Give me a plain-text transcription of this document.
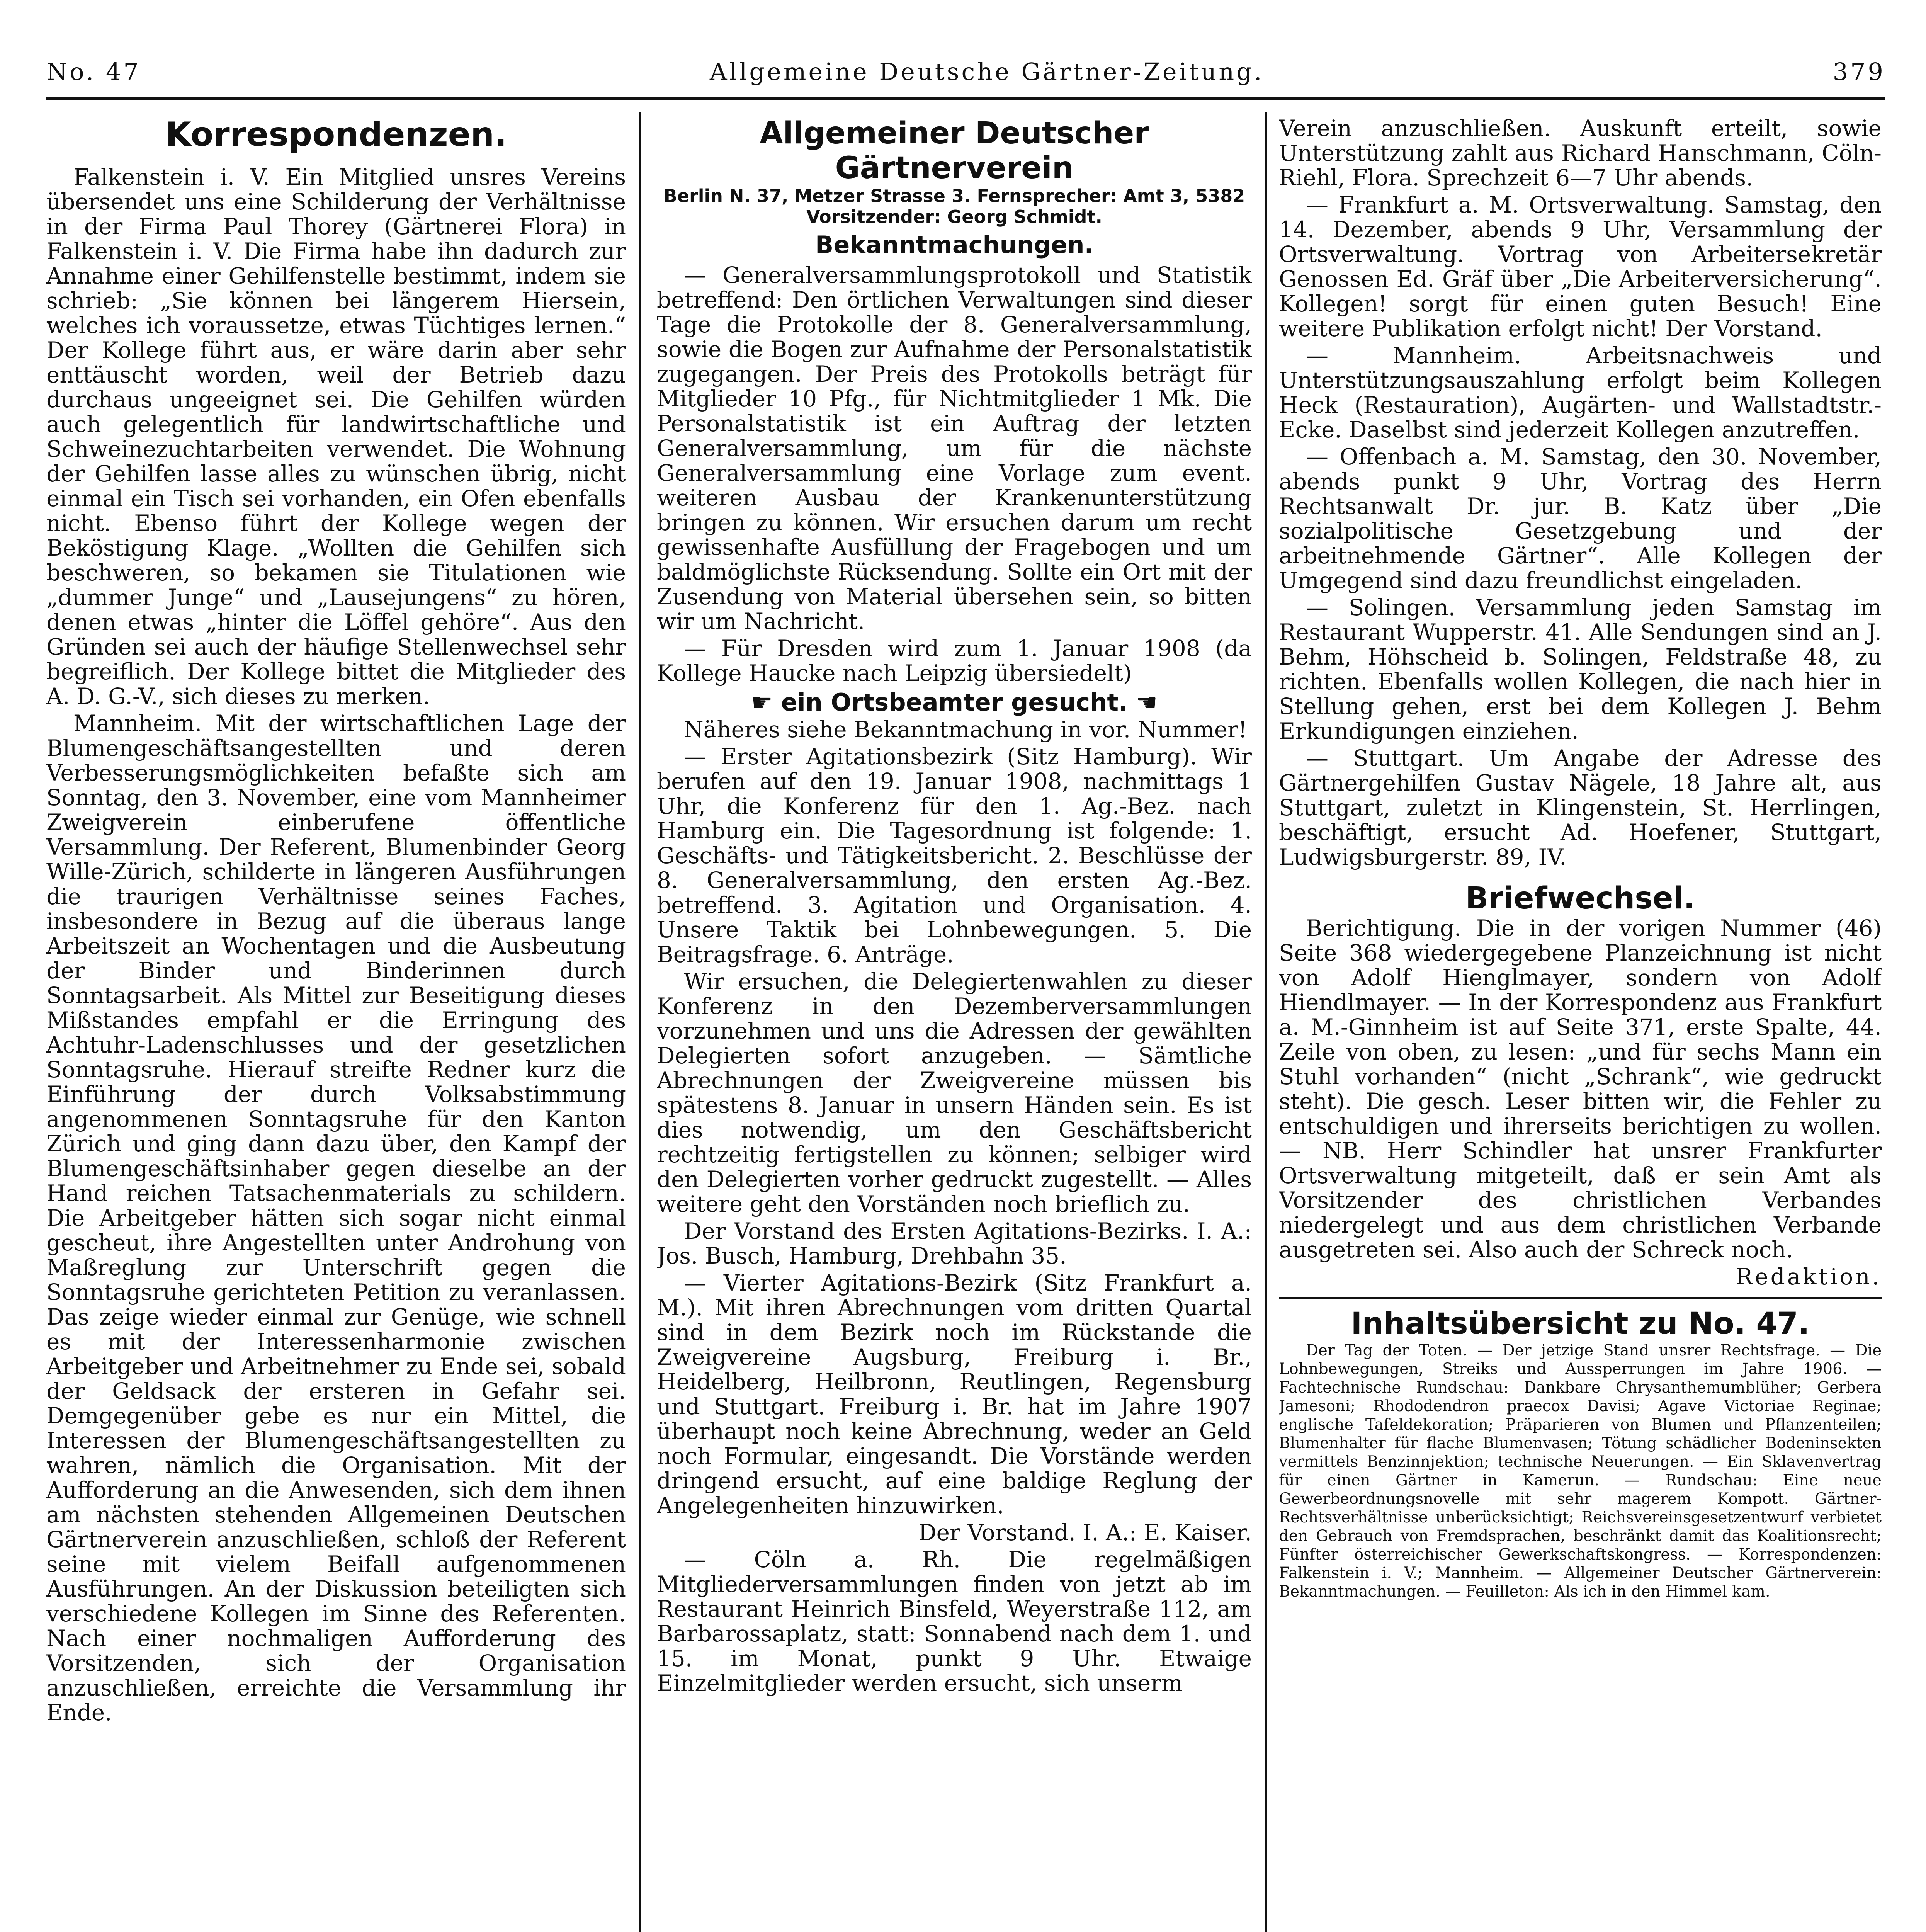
No. 47	Allgemeine Deutsche Gärtner-Zeitung.	379
Korrespondenzen.

Falkenstein i. V. Ein Mitglied unsres Vereins übersendet uns eine Schilderung der Verhältnisse in der Firma Paul Thorey (Gärtnerei Flora) in Falkenstein i. V. Die Firma habe ihn dadurch zur Annahme einer Gehilfenstelle bestimmt, indem sie schrieb: „Sie können bei längerem Hiersein, welches ich voraussetze, etwas Tüchtiges lernen.“ Der Kollege führt aus, er wäre darin aber sehr enttäuscht worden, weil der Betrieb dazu durchaus ungeeignet sei. Die Gehilfen würden auch gelegentlich für landwirtschaftliche und Schweinezuchtarbeiten verwendet. Die Wohnung der Gehilfen lasse alles zu wünschen übrig, nicht einmal ein Tisch sei vorhanden, ein Ofen ebenfalls nicht. Ebenso führt der Kollege wegen der Beköstigung Klage. „Wollten die Gehilfen sich beschweren, so bekamen sie Titulationen wie „dummer Junge“ und „Lausejungens“ zu hören, denen etwas „hinter die Löffel gehöre“. Aus den Gründen sei auch der häufige Stellenwechsel sehr begreiflich. Der Kollege bittet die Mitglieder des A. D. G.-V., sich dieses zu merken.

Mannheim. Mit der wirtschaftlichen Lage der Blumengeschäftsangestellten und deren Verbesserungsmöglichkeiten befaßte sich am Sonntag, den 3. November, eine vom Mannheimer Zweigverein einberufene öffentliche Versammlung. Der Referent, Blumenbinder Georg Wille-Zürich, schilderte in längeren Ausführungen die traurigen Verhältnisse seines Faches, insbesondere in Bezug auf die überaus lange Arbeitszeit an Wochentagen und die Ausbeutung der Binder und Binderinnen durch Sonntagsarbeit. Als Mittel zur Beseitigung dieses Mißstandes empfahl er die Erringung des Achtuhr-Ladenschlusses und der gesetzlichen Sonntagsruhe. Hierauf streifte Redner kurz die Einführung der durch Volksabstimmung angenommenen Sonntagsruhe für den Kanton Zürich und ging dann dazu über, den Kampf der Blumengeschäftsinhaber gegen dieselbe an der Hand reichen Tatsachenmaterials zu schildern. Die Arbeitgeber hätten sich sogar nicht einmal gescheut, ihre Angestellten unter Androhung von Maßreglung zur Unterschrift gegen die Sonntagsruhe gerichteten Petition zu veranlassen. Das zeige wieder einmal zur Genüge, wie schnell es mit der Interessenharmonie zwischen Arbeitgeber und Arbeitnehmer zu Ende sei, sobald der Geldsack der ersteren in Gefahr sei. Demgegenüber gebe es nur ein Mittel, die Interessen der Blumengeschäftsangestellten zu wahren, nämlich die Organisation. Mit der Aufforderung an die Anwesenden, sich dem ihnen am nächsten stehenden Allgemeinen Deutschen Gärtnerverein anzuschließen, schloß der Referent seine mit vielem Beifall aufgenommenen Ausführungen. An der Diskussion beteiligten sich verschiedene Kollegen im Sinne des Referenten. Nach einer nochmaligen Aufforderung des Vorsitzenden, sich der Organisation anzuschließen, erreichte die Versammlung ihr Ende.

Allgemeiner Deutscher Gärtnerverein
Berlin N. 37, Metzer Strasse 3. Fernsprecher: Amt 3, 5382
Vorsitzender: Georg Schmidt.
Bekanntmachungen.

— Generalversammlungsprotokoll und Statistik betreffend: Den örtlichen Verwaltungen sind dieser Tage die Protokolle der 8. Generalversammlung, sowie die Bogen zur Aufnahme der Personalstatistik zugegangen. Der Preis des Protokolls beträgt für Mitglieder 10 Pfg., für Nichtmitglieder 1 Mk. Die Personalstatistik ist ein Auftrag der letzten Generalversammlung, um für die nächste Generalversammlung eine Vorlage zum event. weiteren Ausbau der Krankenunterstützung bringen zu können. Wir ersuchen darum um recht gewissenhafte Ausfüllung der Fragebogen und um baldmöglichste Rücksendung. Sollte ein Ort mit der Zusendung von Material übersehen sein, so bitten wir um Nachricht.

— Für Dresden wird zum 1. Januar 1908 (da Kollege Haucke nach Leipzig übersiedelt)

☛ ein Ortsbeamter gesucht. ☚

Näheres siehe Bekanntmachung in vor. Nummer!

— Erster Agitationsbezirk (Sitz Hamburg). Wir berufen auf den 19. Januar 1908, nachmittags 1 Uhr, die Konferenz für den 1. Ag.-Bez. nach Hamburg ein. Die Tagesordnung ist folgende: 1. Geschäfts- und Tätigkeitsbericht. 2. Beschlüsse der 8. Generalversammlung, den ersten Ag.-Bez. betreffend. 3. Agitation und Organisation. 4. Unsere Taktik bei Lohnbewegungen. 5. Die Beitragsfrage. 6. Anträge.

Wir ersuchen, die Delegiertenwahlen zu dieser Konferenz in den Dezemberversammlungen vorzunehmen und uns die Adressen der gewählten Delegierten sofort anzugeben. — Sämtliche Abrechnungen der Zweigvereine müssen bis spätestens 8. Januar in unsern Händen sein. Es ist dies notwendig, um den Geschäftsbericht rechtzeitig fertigstellen zu können; selbiger wird den Delegierten vorher gedruckt zugestellt. — Alles weitere geht den Vorständen noch brieflich zu.

Der Vorstand des Ersten Agitations-Bezirks. I. A.: Jos. Busch, Hamburg, Drehbahn 35.

— Vierter Agitations-Bezirk (Sitz Frankfurt a. M.). Mit ihren Abrechnungen vom dritten Quartal sind in dem Bezirk noch im Rückstande die Zweigvereine Augsburg, Freiburg i. Br., Heidelberg, Heilbronn, Reutlingen, Regensburg und Stuttgart. Freiburg i. Br. hat im Jahre 1907 überhaupt noch keine Abrechnung, weder an Geld noch Formular, eingesandt. Die Vorstände werden dringend ersucht, auf eine baldige Reglung der Angelegenheiten hinzuwirken.

Der Vorstand. I. A.: E. Kaiser.

— Cöln a. Rh. Die regelmäßigen Mitgliederversammlungen finden von jetzt ab im Restaurant Heinrich Binsfeld, Weyerstraße 112, am Barbarossaplatz, statt: Sonnabend nach dem 1. und 15. im Monat, punkt 9 Uhr. Etwaige Einzelmitglieder werden ersucht, sich unserm

Verein anzuschließen. Auskunft erteilt, sowie Unterstützung zahlt aus Richard Hanschmann, Cöln-Riehl, Flora. Sprechzeit 6—7 Uhr abends.

— Frankfurt a. M. Ortsverwaltung. Samstag, den 14. Dezember, abends 9 Uhr, Versammlung der Ortsverwaltung. Vortrag von Arbeitersekretär Genossen Ed. Gräf über „Die Arbeiterversicherung“. Kollegen! sorgt für einen guten Besuch! Eine weitere Publikation erfolgt nicht! Der Vorstand.

— Mannheim. Arbeitsnachweis und Unterstützungsauszahlung erfolgt beim Kollegen Heck (Restauration), Augärten- und Wallstadtstr.-Ecke. Daselbst sind jederzeit Kollegen anzutreffen.

— Offenbach a. M. Samstag, den 30. November, abends punkt 9 Uhr, Vortrag des Herrn Rechtsanwalt Dr. jur. B. Katz über „Die sozialpolitische Gesetzgebung und der arbeitnehmende Gärtner“. Alle Kollegen der Umgegend sind dazu freundlichst eingeladen.

— Solingen. Versammlung jeden Samstag im Restaurant Wupperstr. 41. Alle Sendungen sind an J. Behm, Höhscheid b. Solingen, Feldstraße 48, zu richten. Ebenfalls wollen Kollegen, die nach hier in Stellung gehen, erst bei dem Kollegen J. Behm Erkundigungen einziehen.

— Stuttgart. Um Angabe der Adresse des Gärtnergehilfen Gustav Nägele, 18 Jahre alt, aus Stuttgart, zuletzt in Klingenstein, St. Herrlingen, beschäftigt, ersucht Ad. Hoefener, Stuttgart, Ludwigsburgerstr. 89, IV.

Briefwechsel.

Berichtigung. Die in der vorigen Nummer (46) Seite 368 wiedergegebene Planzeichnung ist nicht von Adolf Hienglmayer, sondern von Adolf Hiendlmayer. — In der Korrespondenz aus Frankfurt a. M.-Ginnheim ist auf Seite 371, erste Spalte, 44. Zeile von oben, zu lesen: „und für sechs Mann ein Stuhl vorhanden“ (nicht „Schrank“, wie gedruckt steht). Die gesch. Leser bitten wir, die Fehler zu entschuldigen und ihrerseits berichtigen zu wollen. — NB. Herr Schindler hat unsrer Frankfurter Ortsverwaltung mitgeteilt, daß er sein Amt als Vorsitzender des christlichen Verbandes niedergelegt und aus dem christlichen Verbande ausgetreten sei. Also auch der Schreck noch.

Redaktion.

Inhaltsübersicht zu No. 47.

Der Tag der Toten. — Der jetzige Stand unsrer Rechtsfrage. — Die Lohnbewegungen, Streiks und Aussperrungen im Jahre 1906. — Fachtechnische Rundschau: Dankbare Chrysanthemumblüher; Gerbera Jamesoni; Rhododendron praecox Davisi; Agave Victoriae Reginae; englische Tafeldekoration; Präparieren von Blumen und Pflanzenteilen; Blumenhalter für flache Blumenvasen; Tötung schädlicher Bodeninsekten vermittels Benzinnjektion; technische Neuerungen. — Ein Sklavenvertrag für einen Gärtner in Kamerun. — Rundschau: Eine neue Gewerbeordnungsnovelle mit sehr magerem Kompott. Gärtner-Rechtsverhältnisse unberücksichtigt; Reichsvereinsgesetzentwurf verbietet den Gebrauch von Fremdsprachen, beschränkt damit das Koalitionsrecht; Fünfter österreichischer Gewerkschaftskongress. — Korrespondenzen: Falkenstein i. V.; Mannheim. — Allgemeiner Deutscher Gärtnerverein: Bekanntmachungen. — Feuilleton: Als ich in den Himmel kam.
